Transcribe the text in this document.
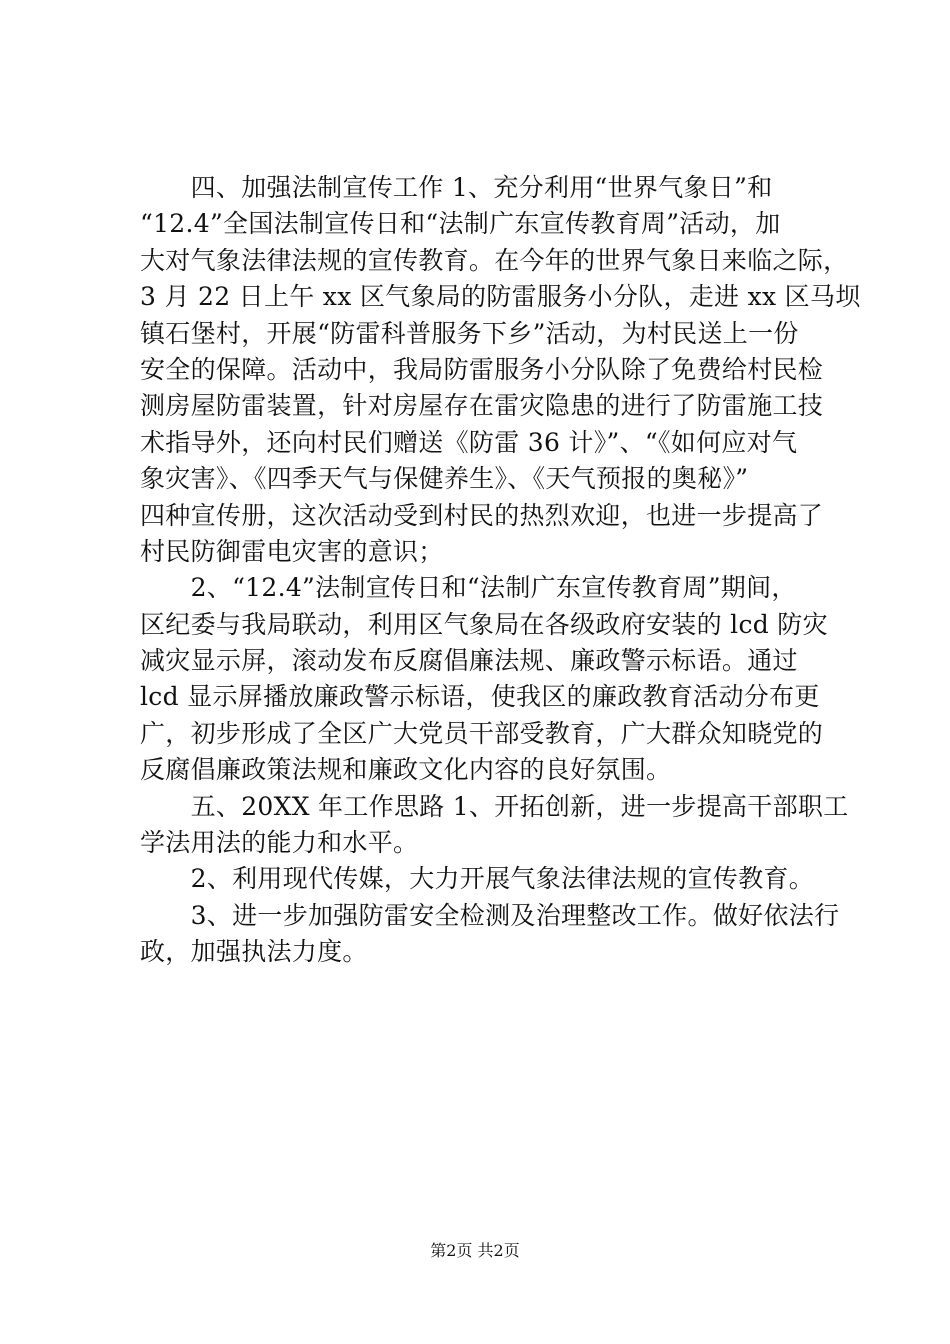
　　四、加强法制宣传工作 1、充分利用“世界气象日”和
“12.4”全国法制宣传日和“法制广东宣传教育周”活动，加
大对气象法律法规的宣传教育。在今年的世界气象日来临之际，
3 月 22 日上午 xx 区气象局的防雷服务小分队，走进 xx 区马坝
镇石堡村，开展“防雷科普服务下乡”活动，为村民送上一份
安全的保障。活动中，我局防雷服务小分队除了免费给村民检
测房屋防雷装置，针对房屋存在雷灾隐患的进行了防雷施工技
术指导外，还向村民们赠送《防雷 36 计》”、“《如何应对气
象灾害》、《四季天气与保健养生》、《天气预报的奥秘》”
四种宣传册，这次活动受到村民的热烈欢迎，也进一步提高了
村民防御雷电灾害的意识；
　　2、“12.4”法制宣传日和“法制广东宣传教育周”期间，
区纪委与我局联动，利用区气象局在各级政府安装的 lcd 防灾
减灾显示屏，滚动发布反腐倡廉法规、廉政警示标语。通过
lcd 显示屏播放廉政警示标语，使我区的廉政教育活动分布更
广，初步形成了全区广大党员干部受教育，广大群众知晓党的
反腐倡廉政策法规和廉政文化内容的良好氛围。
　　五、20XX 年工作思路 1、开拓创新，进一步提高干部职工
学法用法的能力和水平。
　　2、利用现代传媒，大力开展气象法律法规的宣传教育。
　　3、进一步加强防雷安全检测及治理整改工作。做好依法行
政，加强执法力度。
第2页 共2页
